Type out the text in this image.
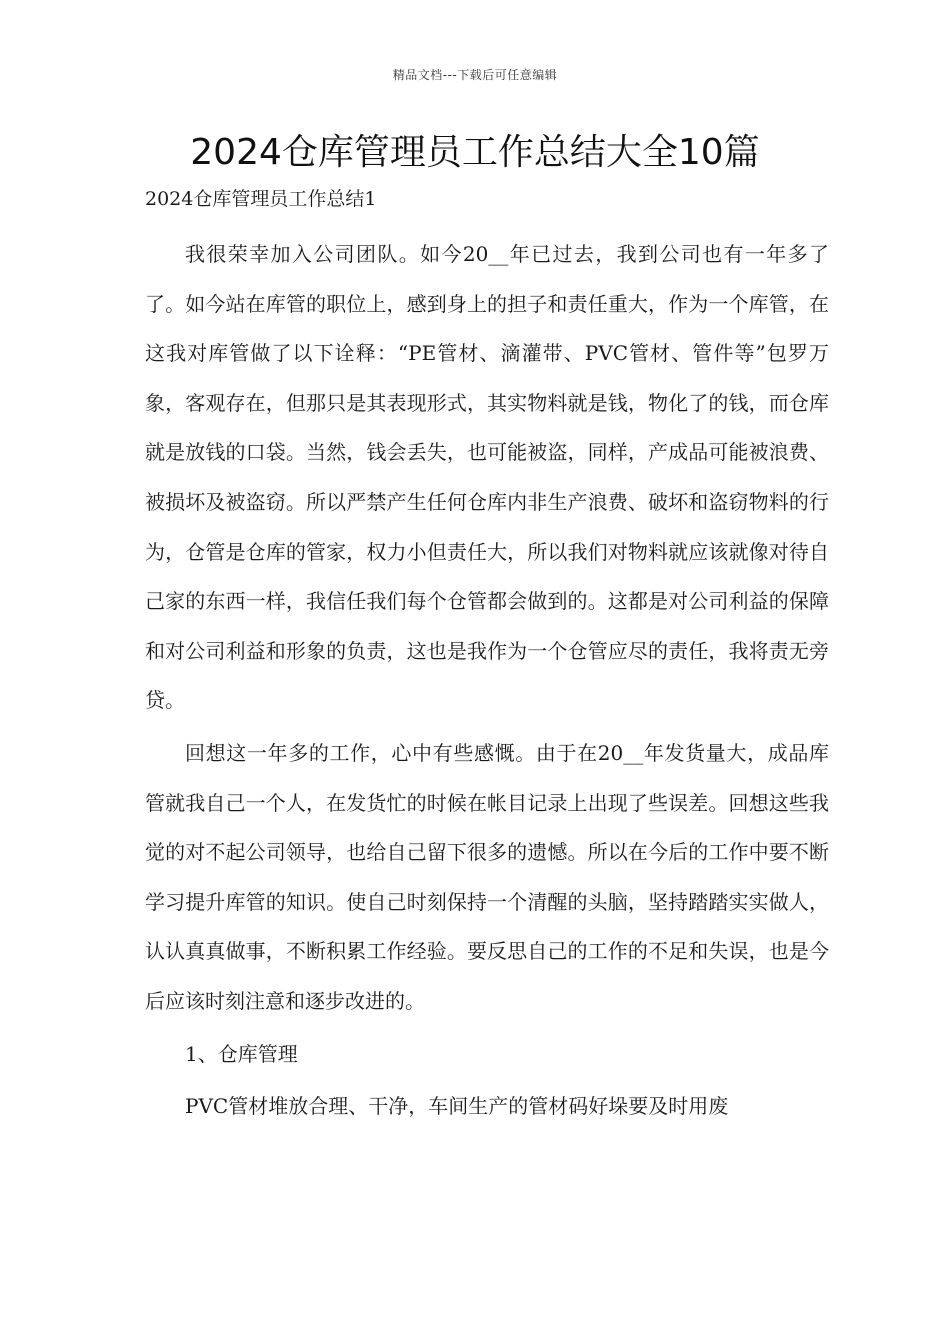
精品文档---下载后可任意编辑
2024仓库管理员工作总结大全10篇
2024仓库管理员工作总结1

我很荣幸加入公司团队。如今20__年已过去，我到公司也有一年多了了。如今站在库管的职位上，感到身上的担子和责任重大，作为一个库管，在这我对库管做了以下诠释：“PE管材、滴灌带、PVC管材、管件等”包罗万象，客观存在，但那只是其表现形式，其实物料就是钱，物化了的钱，而仓库就是放钱的口袋。当然，钱会丢失，也可能被盗，同样，产成品可能被浪费、被损坏及被盗窃。所以严禁产生任何仓库内非生产浪费、破坏和盗窃物料的行为，仓管是仓库的管家，权力小但责任大，所以我们对物料就应该就像对待自己家的东西一样，我信任我们每个仓管都会做到的。这都是对公司利益的保障和对公司利益和形象的负责，这也是我作为一个仓管应尽的责任，我将责无旁贷。

回想这一年多的工作，心中有些感慨。由于在20__年发货量大，成品库管就我自己一个人，在发货忙的时候在帐目记录上出现了些误差。回想这些我觉的对不起公司领导，也给自己留下很多的遗憾。所以在今后的工作中要不断学习提升库管的知识。使自己时刻保持一个清醒的头脑，坚持踏踏实实做人，认认真真做事，不断积累工作经验。要反思自己的工作的不足和失误，也是今后应该时刻注意和逐步改进的。

1、仓库管理

PVC管材堆放合理、干净，车间生产的管材码好垛要及时用废
